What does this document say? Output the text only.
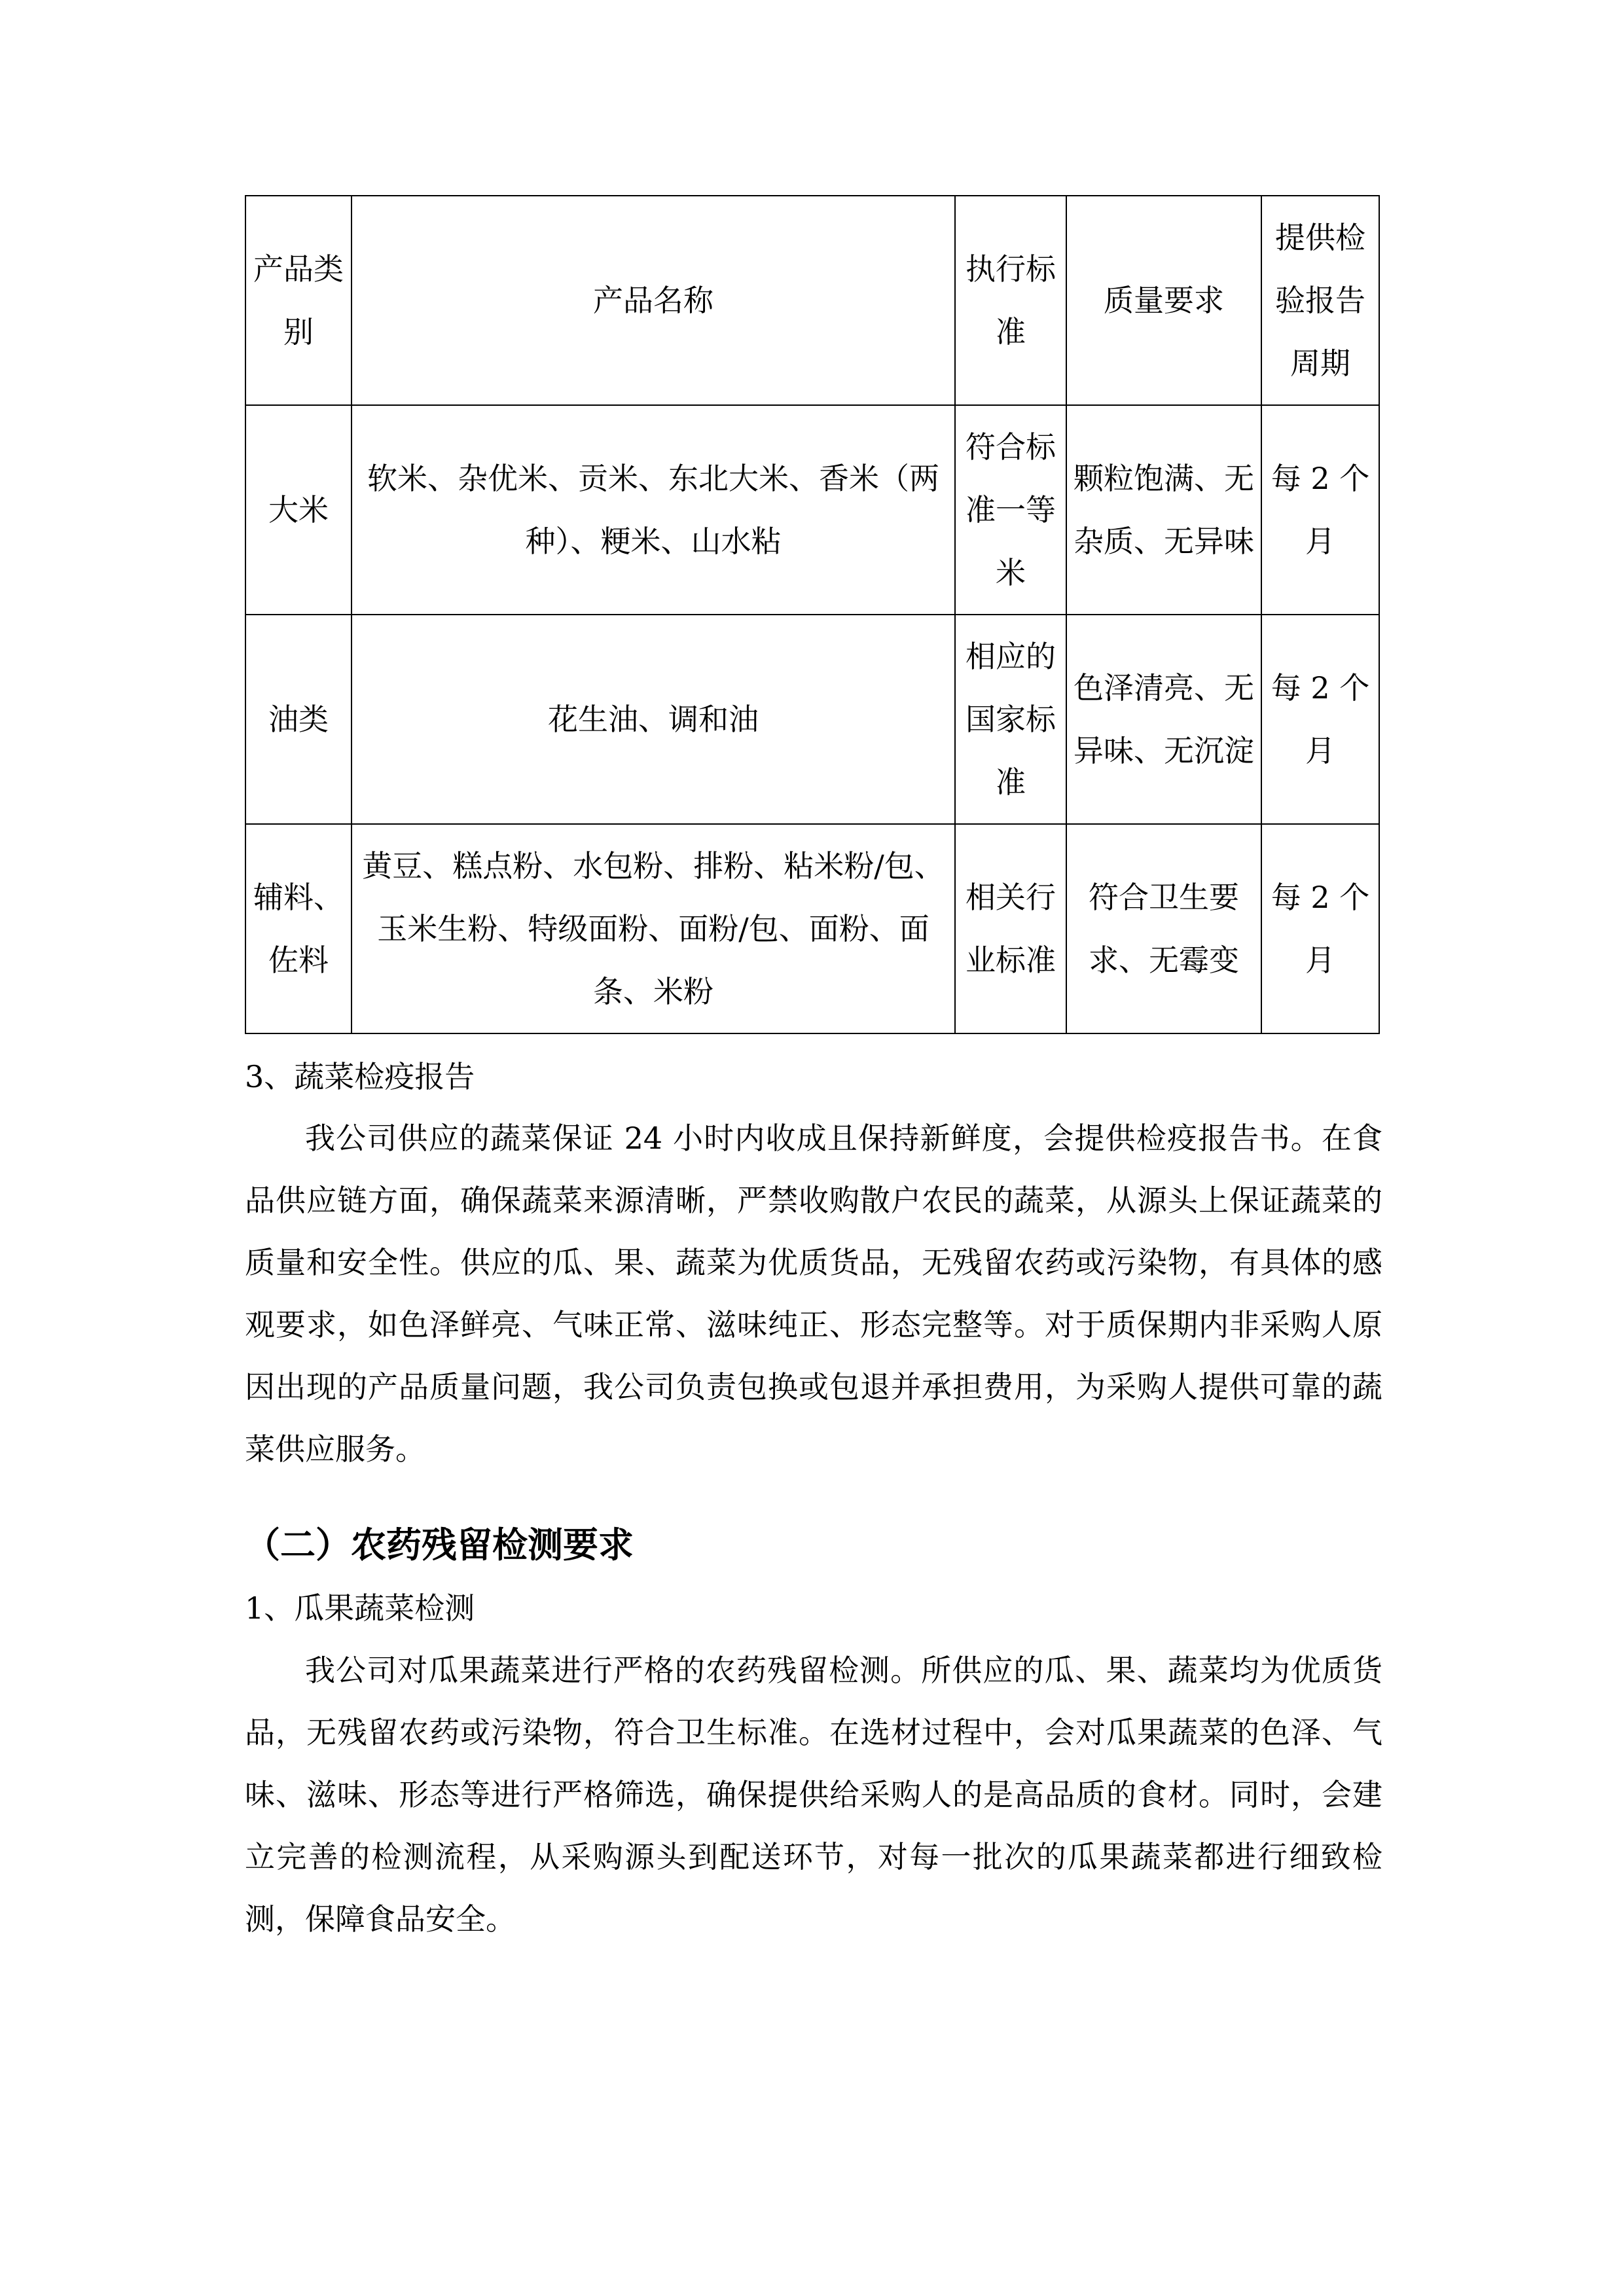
产品类别	产品名称	执行标准	质量要求	提供检验报告周期
大米	软米、杂优米、贡米、东北大米、香米（两种）、粳米、山水粘	符合标准一等米	颗粒饱满、无杂质、无异味	每 2 个月
油类	花生油、调和油	相应的国家标准	色泽清亮、无异味、无沉淀	每 2 个月
辅料、佐料	黄豆、糕点粉、水包粉、排粉、粘米粉/包、玉米生粉、特级面粉、面粉/包、面粉、面条、米粉	相关行业标准	符合卫生要求、无霉变	每 2 个月

3、蔬菜检疫报告

我公司供应的蔬菜保证 24 小时内收成且保持新鲜度，会提供检疫报告书。在食品供应链方面，确保蔬菜来源清晰，严禁收购散户农民的蔬菜，从源头上保证蔬菜的质量和安全性。供应的瓜、果、蔬菜为优质货品，无残留农药或污染物，有具体的感观要求，如色泽鲜亮、气味正常、滋味纯正、形态完整等。对于质保期内非采购人原因出现的产品质量问题，我公司负责包换或包退并承担费用，为采购人提供可靠的蔬菜供应服务。

（二）农药残留检测要求

1、瓜果蔬菜检测

我公司对瓜果蔬菜进行严格的农药残留检测。所供应的瓜、果、蔬菜均为优质货品，无残留农药或污染物，符合卫生标准。在选材过程中，会对瓜果蔬菜的色泽、气味、滋味、形态等进行严格筛选，确保提供给采购人的是高品质的食材。同时，会建立完善的检测流程，从采购源头到配送环节，对每一批次的瓜果蔬菜都进行细致检测，保障食品安全。
